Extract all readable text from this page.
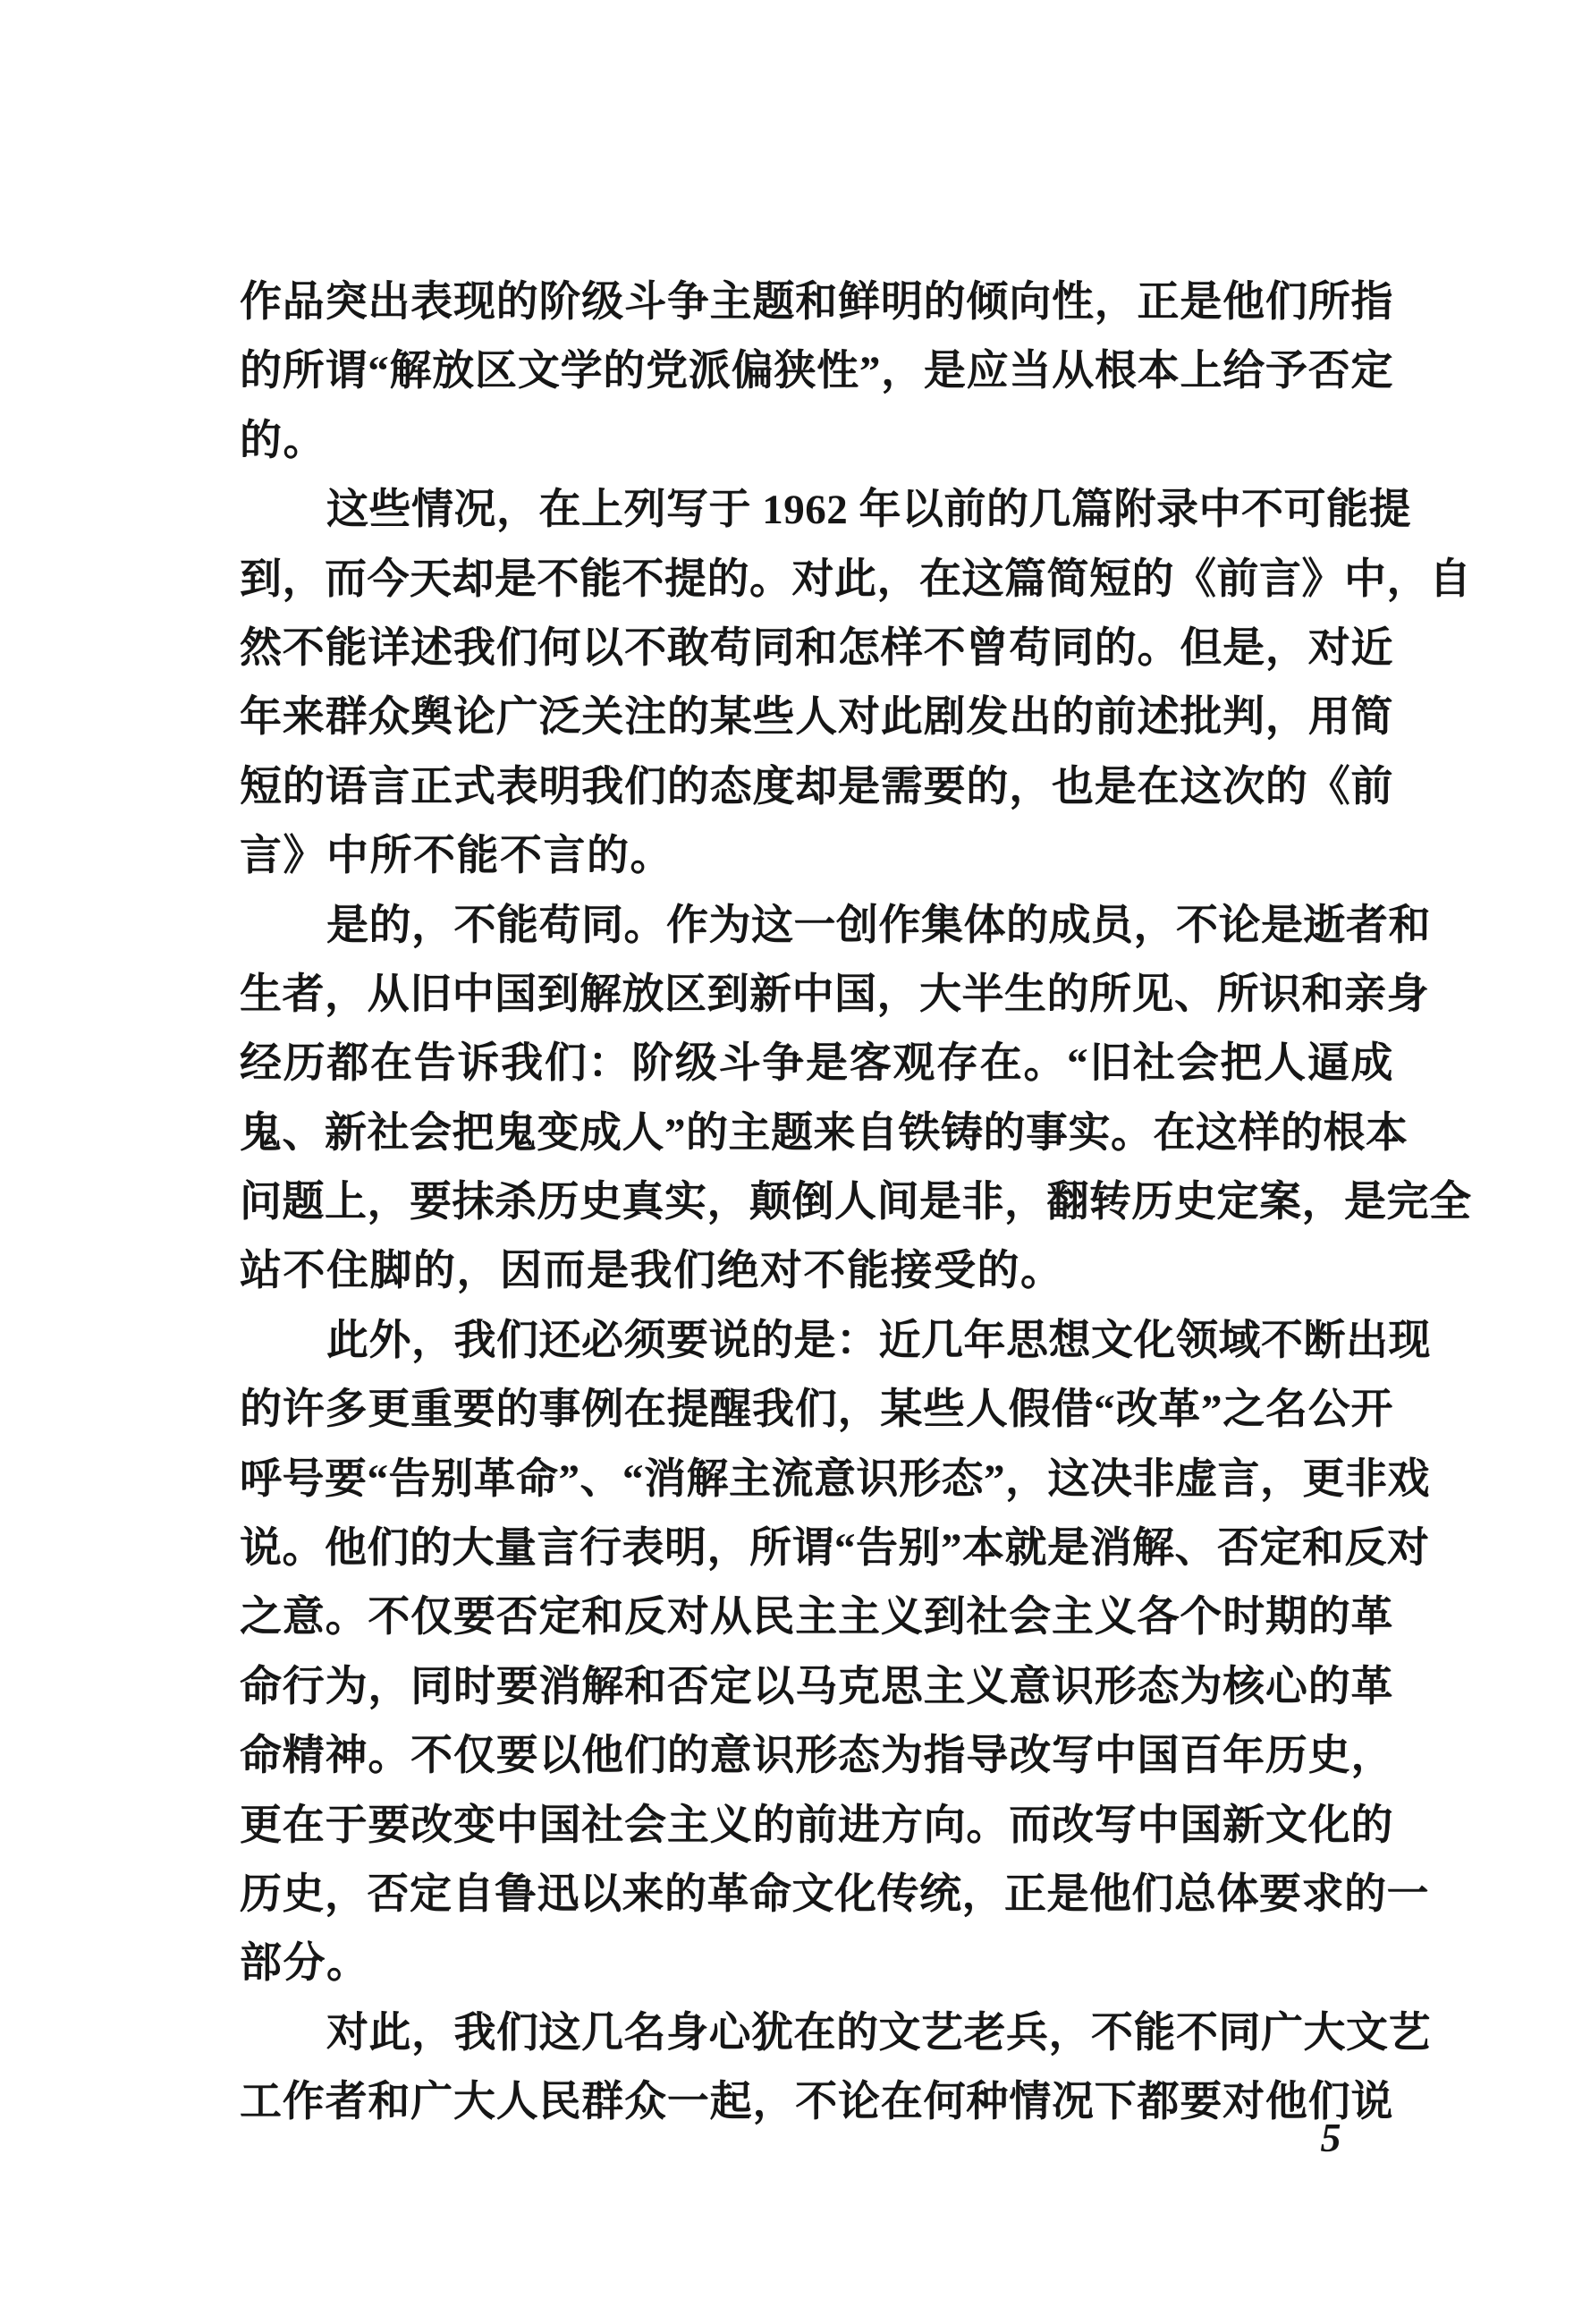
作品突出表现的阶级斗争主题和鲜明的倾向性，正是他们所指
的所谓“解放区文学的党派偏狭性”，是应当从根本上给予否定
的。
这些情况，在上列写于 1962 年以前的几篇附录中不可能提
到，而今天却是不能不提的。对此，在这篇简短的《前言》中，自
然不能详述我们何以不敢苟同和怎样不曾苟同的。但是，对近
年来群众舆论广泛关注的某些人对此剧发出的前述批判，用简
短的语言正式表明我们的态度却是需要的，也是在这次的《前
言》中所不能不言的。
是的，不能苟同。作为这一创作集体的成员，不论是逝者和
生者，从旧中国到解放区到新中国，大半生的所见、所识和亲身
经历都在告诉我们：阶级斗争是客观存在。“旧社会把人逼成
鬼、新社会把鬼变成人”的主题来自铁铸的事实。在这样的根本
问题上，要抹杀历史真实，颠倒人间是非，翻转历史定案，是完全
站不住脚的，因而是我们绝对不能接受的。
此外，我们还必须要说的是：近几年思想文化领域不断出现
的许多更重要的事例在提醒我们，某些人假借“改革”之名公开
呼号要“告别革命”、“消解主流意识形态”，这决非虚言，更非戏
说。他们的大量言行表明，所谓“告别”本就是消解、否定和反对
之意。不仅要否定和反对从民主主义到社会主义各个时期的革
命行为，同时要消解和否定以马克思主义意识形态为核心的革
命精神。不仅要以他们的意识形态为指导改写中国百年历史，
更在于要改变中国社会主义的前进方向。而改写中国新文化的
历史，否定自鲁迅以来的革命文化传统，正是他们总体要求的一
部分。
对此，我们这几名身心犹在的文艺老兵，不能不同广大文艺
工作者和广大人民群众一起，不论在何种情况下都要对他们说
5
